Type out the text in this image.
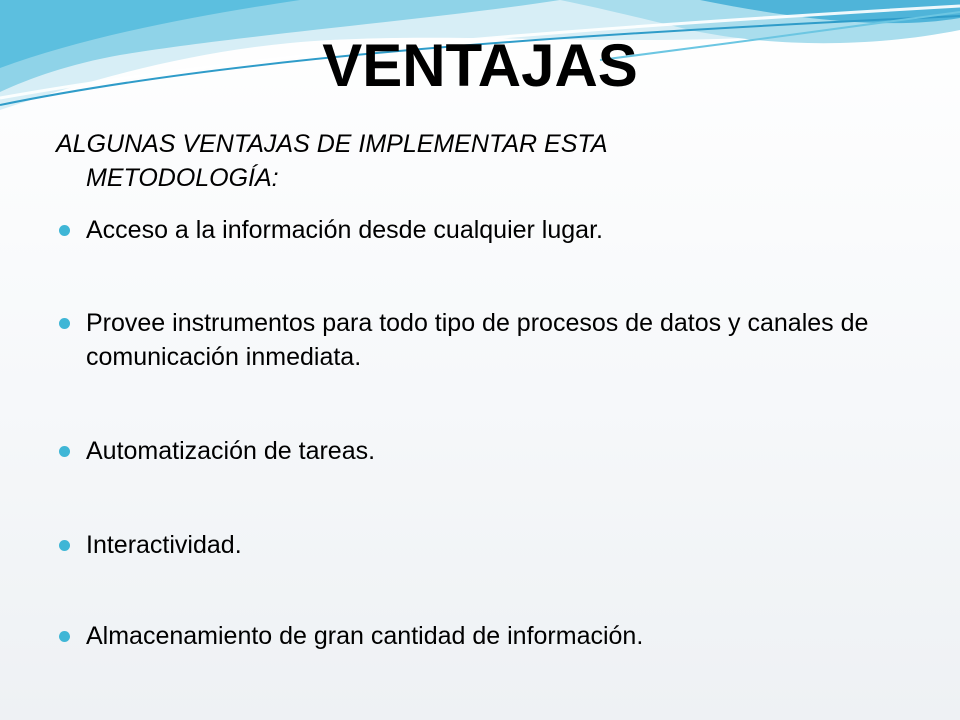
VENTAJAS
ALGUNAS VENTAJAS DE IMPLEMENTAR ESTA
METODOLOGÍA:
Acceso a la información desde cualquier lugar.
Provee instrumentos para todo tipo de procesos de datos y canales de comunicación inmediata.
Automatización de tareas.
Interactividad.
Almacenamiento de gran cantidad de información.
